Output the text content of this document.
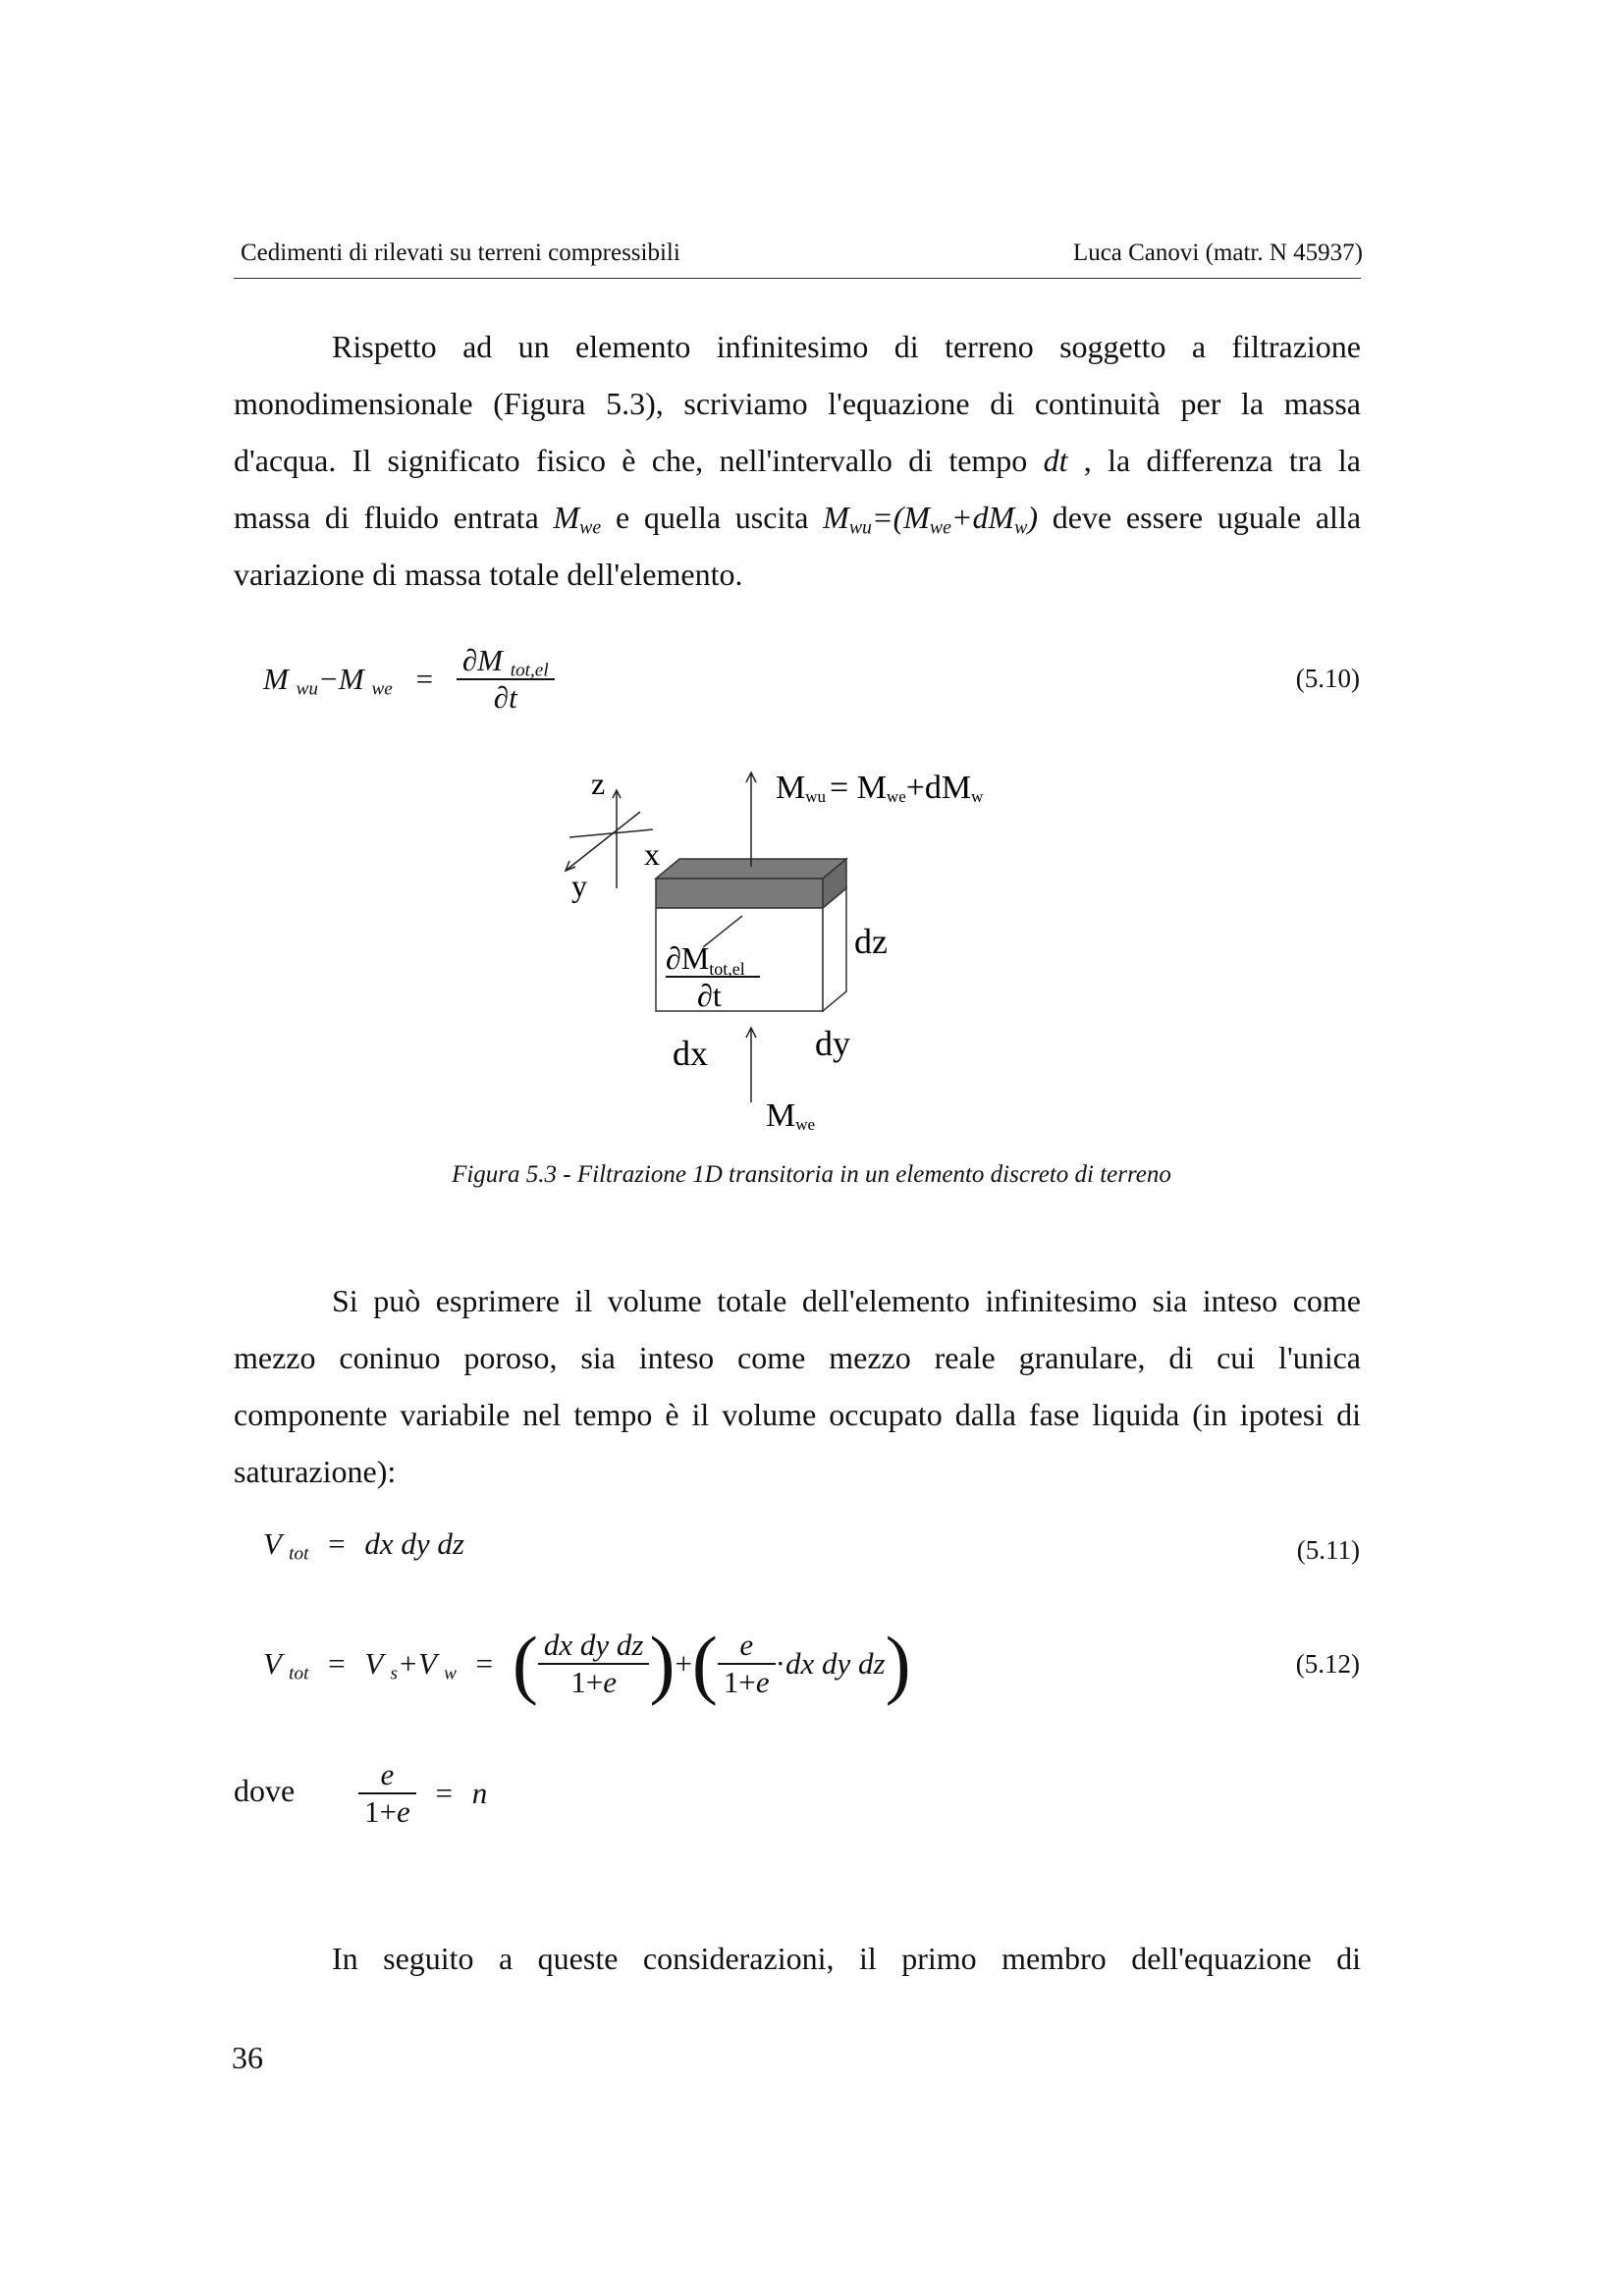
Cedimenti di rilevati su terreni compressibili	Luca Canovi (matr. N 45937)
Rispetto ad un elemento infinitesimo di terreno soggetto a filtrazione
monodimensionale (Figura 5.3), scriviamo l'equazione di continuità per la massa
d'acqua. Il significato fisico è che, nell'intervallo di tempo dt , la differenza tra la
massa di fluido entrata $M_{we}$ e quella uscita $M_{wu}=(M_{we}+dM_w)$ deve essere uguale alla
variazione di massa totale dell'elemento.
M $_{wu}$−M $_{we} = \frac{\partial M _{tot,el}}{\partial t}$	(5.10)
z
x
y
∂Mtot,el
∂t
Mwu = Mwe+dMw
dz
dx	dy
Mwe
Figura 5.3 - Filtrazione 1D transitoria in un elemento discreto di terreno
Si può esprimere il volume totale dell'elemento infinitesimo sia inteso come
mezzo coninuo poroso, sia inteso come mezzo reale granulare, di cui l'unica
componente variabile nel tempo è il volume occupato dalla fase liquida (in ipotesi di
saturazione):
V $_{tot}$ = dx dy dz	(5.11)
V $_{tot}$ = V $_s$+V $_w$ = ( $\frac{\text{dx dy dz}}{1+e}$ )+( $\frac{e}{1+e} \cdot dx$ dy dz)	(5.12)
dove $\frac{e}{1+e} = n$
In seguito a queste considerazioni, il primo membro dell'equazione di
36
